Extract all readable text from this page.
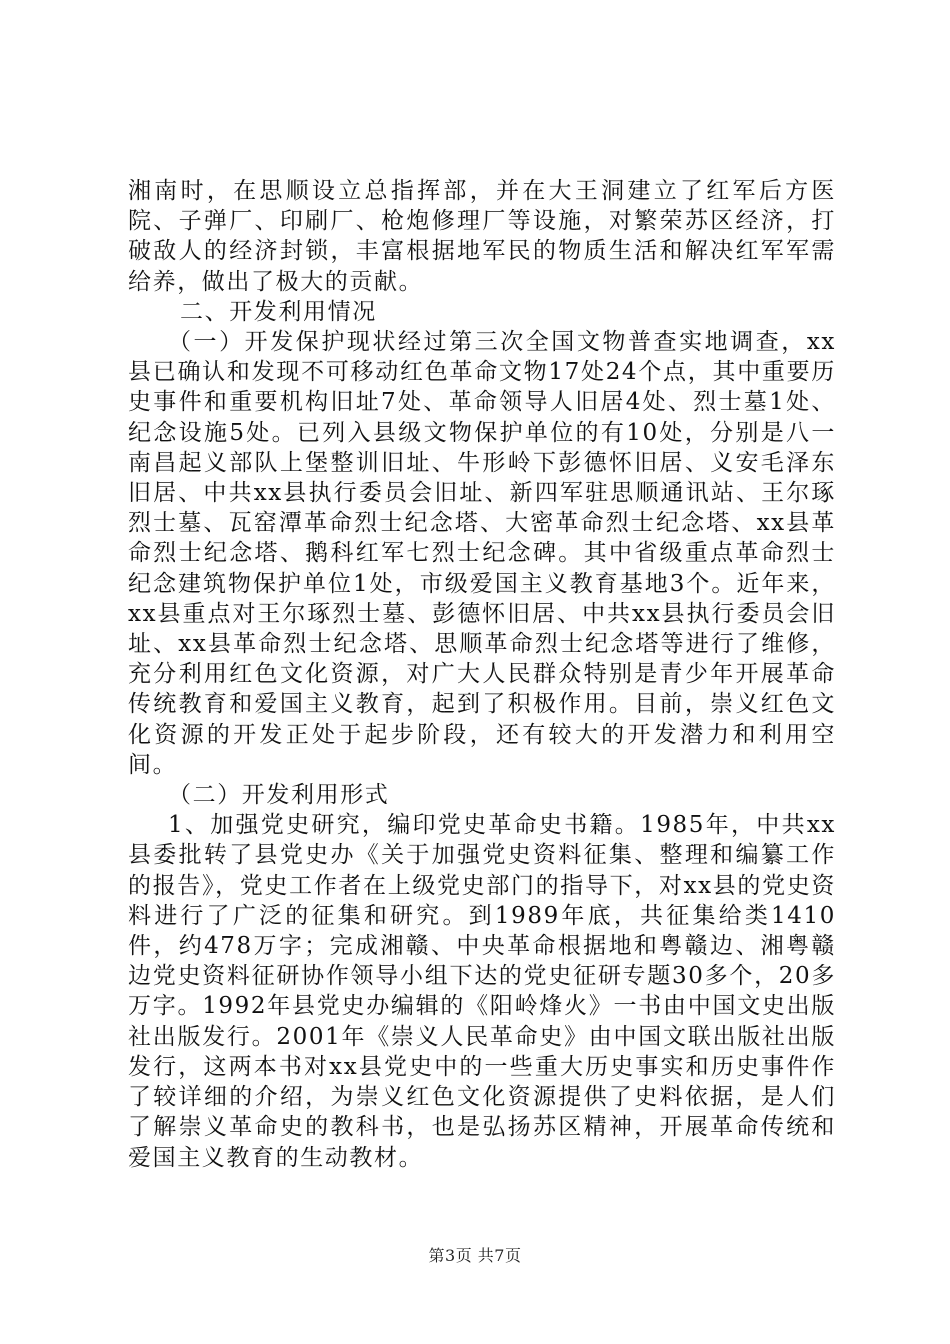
湘南时，在思顺设立总指挥部，并在大王洞建立了红军后方医院、子弹厂、印刷厂、枪炮修理厂等设施，对繁荣苏区经济，打破敌人的经济封锁，丰富根据地军民的物质生活和解决红军军需给养，做出了极大的贡献。

二、开发利用情况

（一）开发保护现状经过第三次全国文物普查实地调查，xx县已确认和发现不可移动红色革命文物17处24个点，其中重要历史事件和重要机构旧址7处、革命领导人旧居4处、烈士墓1处、纪念设施5处。已列入县级文物保护单位的有10处，分别是八一南昌起义部队上堡整训旧址、牛形岭下彭德怀旧居、义安毛泽东旧居、中共xx县执行委员会旧址、新四军驻思顺通讯站、王尔琢烈士墓、瓦窑潭革命烈士纪念塔、大密革命烈士纪念塔、xx县革命烈士纪念塔、鹅科红军七烈士纪念碑。其中省级重点革命烈士纪念建筑物保护单位1处，市级爱国主义教育基地3个。近年来，xx县重点对王尔琢烈士墓、彭德怀旧居、中共xx县执行委员会旧址、xx县革命烈士纪念塔、思顺革命烈士纪念塔等进行了维修，充分利用红色文化资源，对广大人民群众特别是青少年开展革命传统教育和爱国主义教育，起到了积极作用。目前，崇义红色文化资源的开发正处于起步阶段，还有较大的开发潜力和利用空间。

（二）开发利用形式

1、加强党史研究，编印党史革命史书籍。1985年，中共xx县委批转了县党史办《关于加强党史资料征集、整理和编纂工作的报告》，党史工作者在上级党史部门的指导下，对xx县的党史资料进行了广泛的征集和研究。到1989年底，共征集给类1410件，约478万字；完成湘赣、中央革命根据地和粤赣边、湘粤赣边党史资料征研协作领导小组下达的党史征研专题30多个，20多万字。1992年县党史办编辑的《阳岭烽火》一书由中国文史出版社出版发行。2001年《崇义人民革命史》由中国文联出版社出版发行，这两本书对xx县党史中的一些重大历史事实和历史事件作了较详细的介绍，为崇义红色文化资源提供了史料依据，是人们了解崇义革命史的教科书，也是弘扬苏区精神，开展革命传统和爱国主义教育的生动教材。

第3页 共7页
